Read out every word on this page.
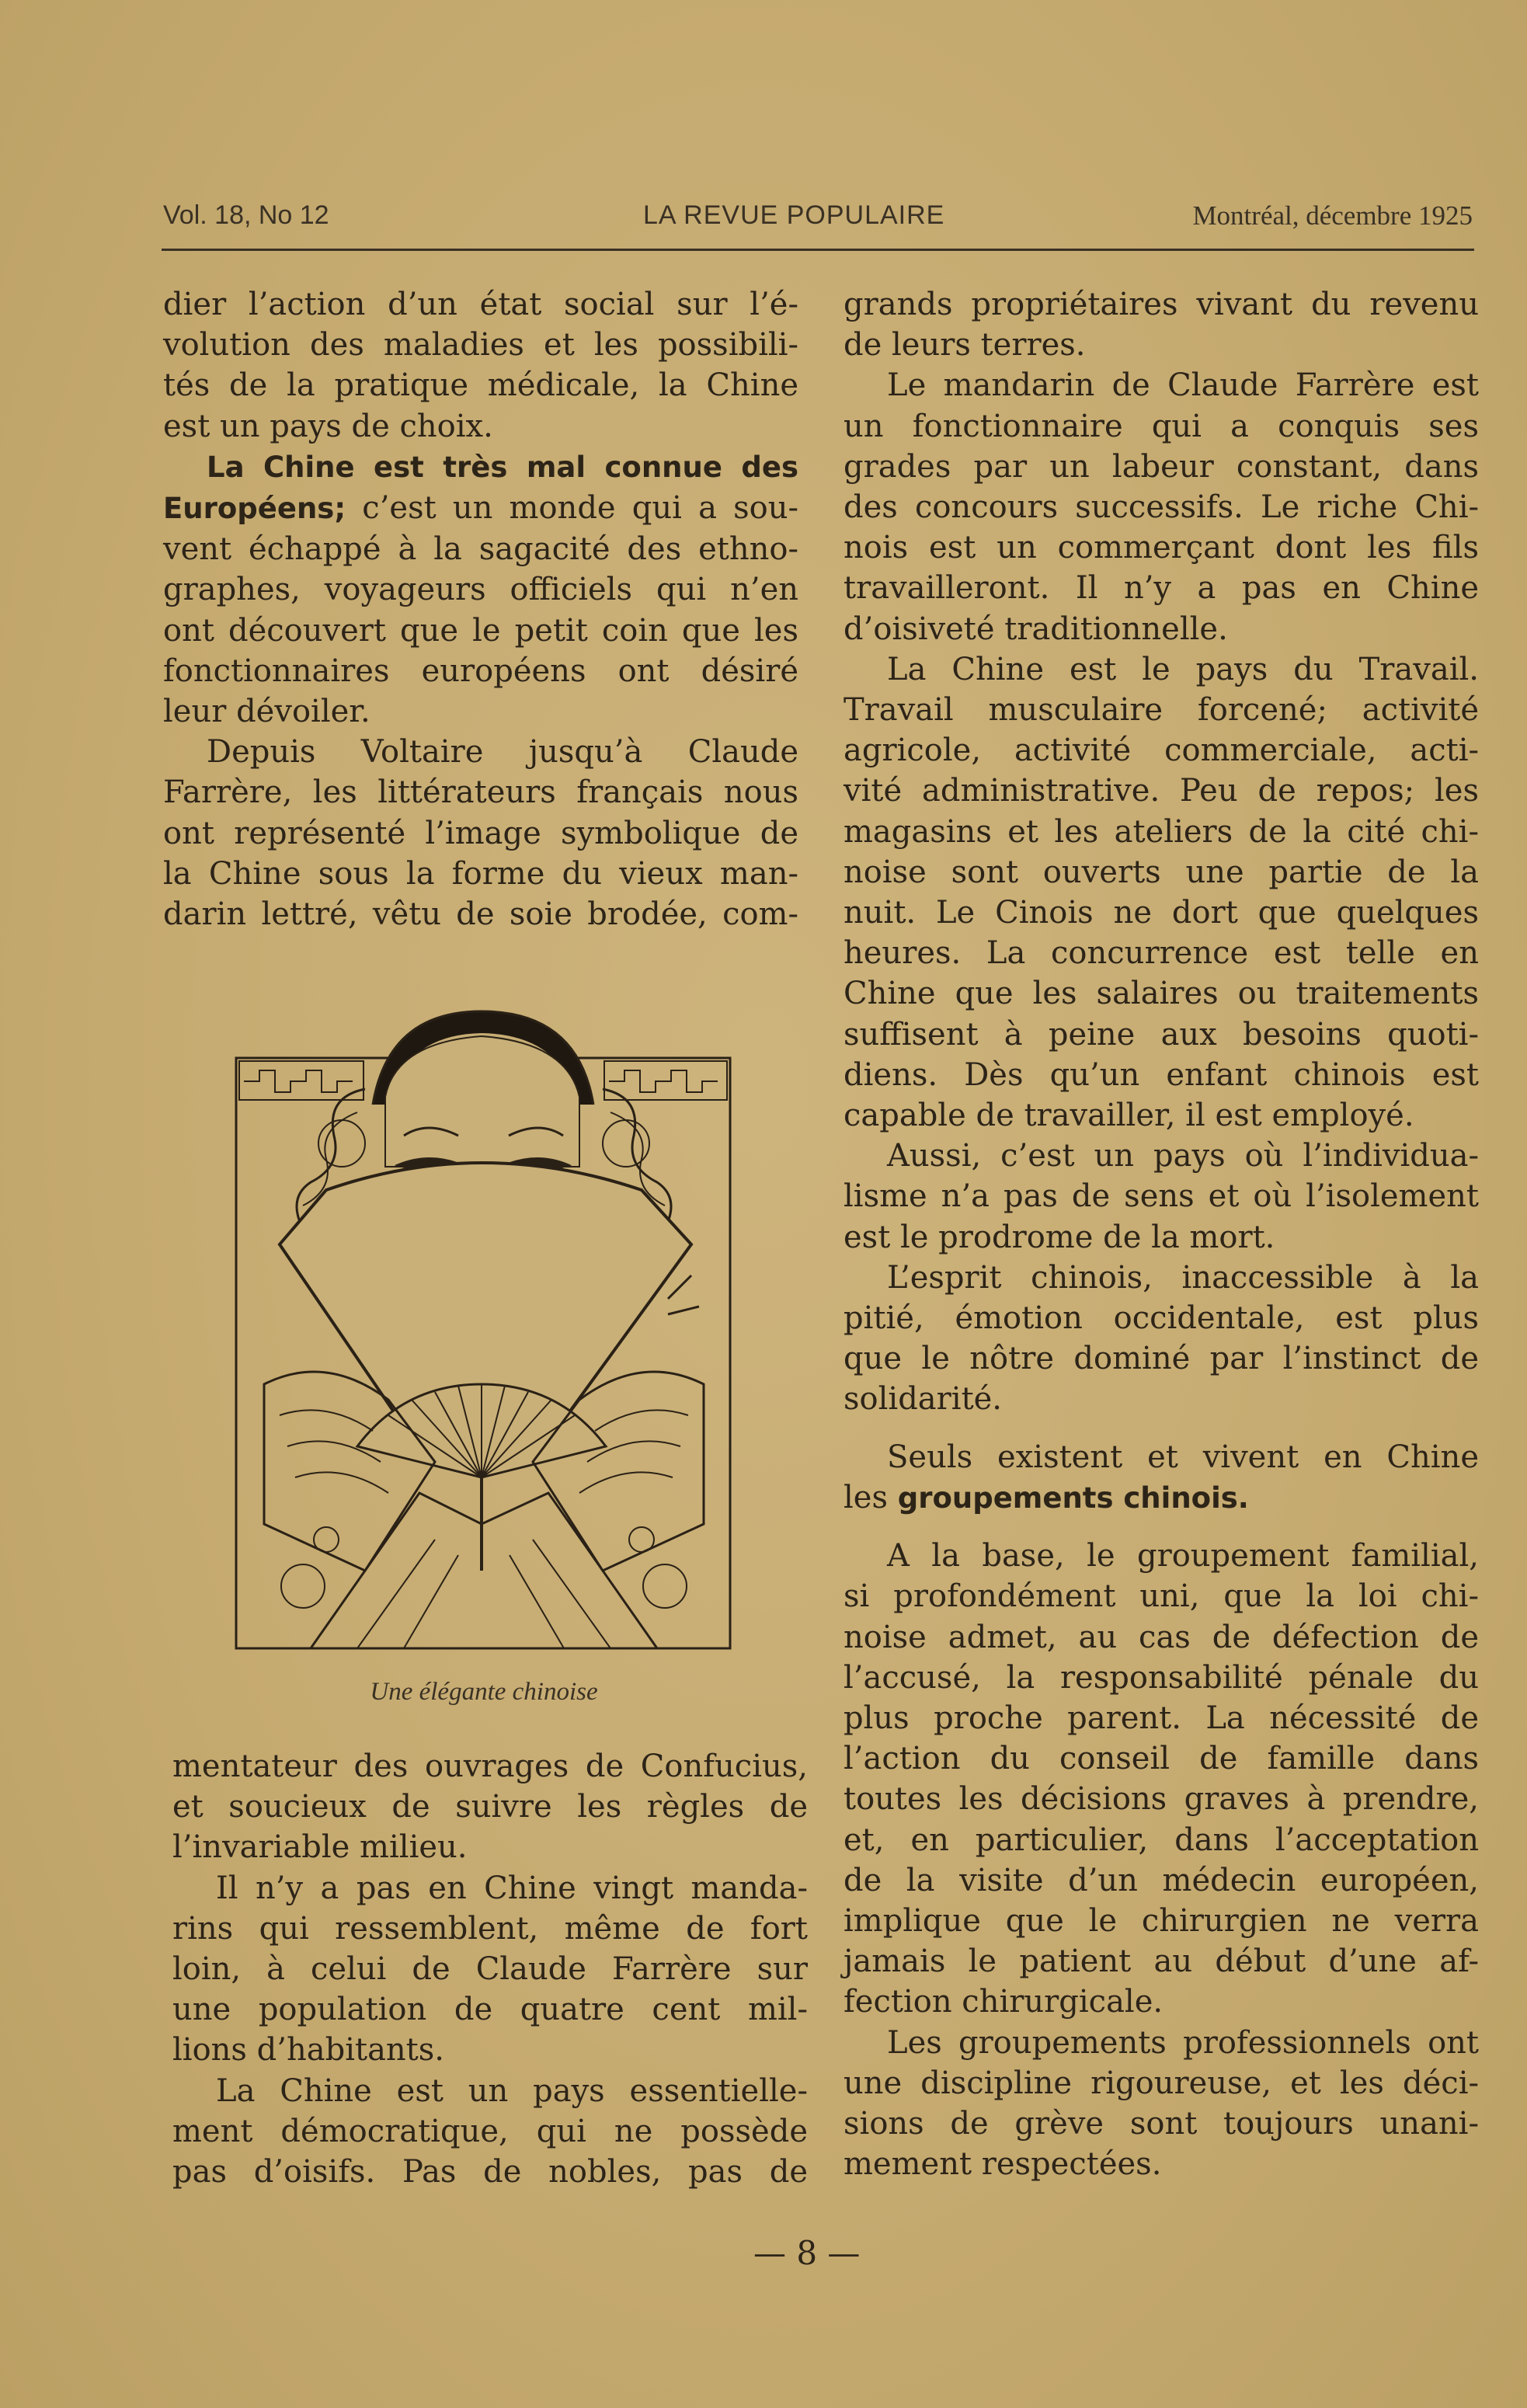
Vol. 18, No 12	LA REVUE POPULAIRE	Montréal, décembre 1925

dier l’action d’un état social sur l’é-
volution des maladies et les possibili-
tés de la pratique médicale, la Chine
est un pays de choix.

La Chine est très mal connue des
Européens; c’est un monde qui a sou-
vent échappé à la sagacité des ethno-
graphes, voyageurs officiels qui n’en
ont découvert que le petit coin que les
fonctionnaires européens ont désiré
leur dévoiler.

Depuis Voltaire jusqu’à Claude
Farrère, les littérateurs français nous
ont représenté l’image symbolique de
la Chine sous la forme du vieux man-
darin lettré, vêtu de soie brodée, com-

Une élégante chinoise

mentateur des ouvrages de Confucius,
et soucieux de suivre les règles de
l’invariable milieu.

Il n’y a pas en Chine vingt manda-
rins qui ressemblent, même de fort
loin, à celui de Claude Farrère sur
une population de quatre cent mil-
lions d’habitants.

La Chine est un pays essentielle-
ment démocratique, qui ne possède
pas d’oisifs. Pas de nobles, pas de

grands propriétaires vivant du revenu
de leurs terres.

Le mandarin de Claude Farrère est
un fonctionnaire qui a conquis ses
grades par un labeur constant, dans
des concours successifs. Le riche Chi-
nois est un commerçant dont les fils
travailleront. Il n’y a pas en Chine
d’oisiveté traditionnelle.

La Chine est le pays du Travail.
Travail musculaire forcené; activité
agricole, activité commerciale, acti-
vité administrative. Peu de repos; les
magasins et les ateliers de la cité chi-
noise sont ouverts une partie de la
nuit. Le Cinois ne dort que quelques
heures. La concurrence est telle en
Chine que les salaires ou traitements
suffisent à peine aux besoins quoti-
diens. Dès qu’un enfant chinois est
capable de travailler, il est employé.

Aussi, c’est un pays où l’individua-
lisme n’a pas de sens et où l’isolement
est le prodrome de la mort.

L’esprit chinois, inaccessible à la
pitié, émotion occidentale, est plus
que le nôtre dominé par l’instinct de
solidarité.

Seuls existent et vivent en Chine
les groupements chinois.

A la base, le groupement familial,
si profondément uni, que la loi chi-
noise admet, au cas de défection de
l’accusé, la responsabilité pénale du
plus proche parent. La nécessité de
l’action du conseil de famille dans
toutes les décisions graves à prendre,
et, en particulier, dans l’acceptation
de la visite d’un médecin européen,
implique que le chirurgien ne verra
jamais le patient au début d’une af-
fection chirurgicale.

Les groupements professionnels ont
une discipline rigoureuse, et les déci-
sions de grève sont toujours unani-
mement respectées.

— 8 —
